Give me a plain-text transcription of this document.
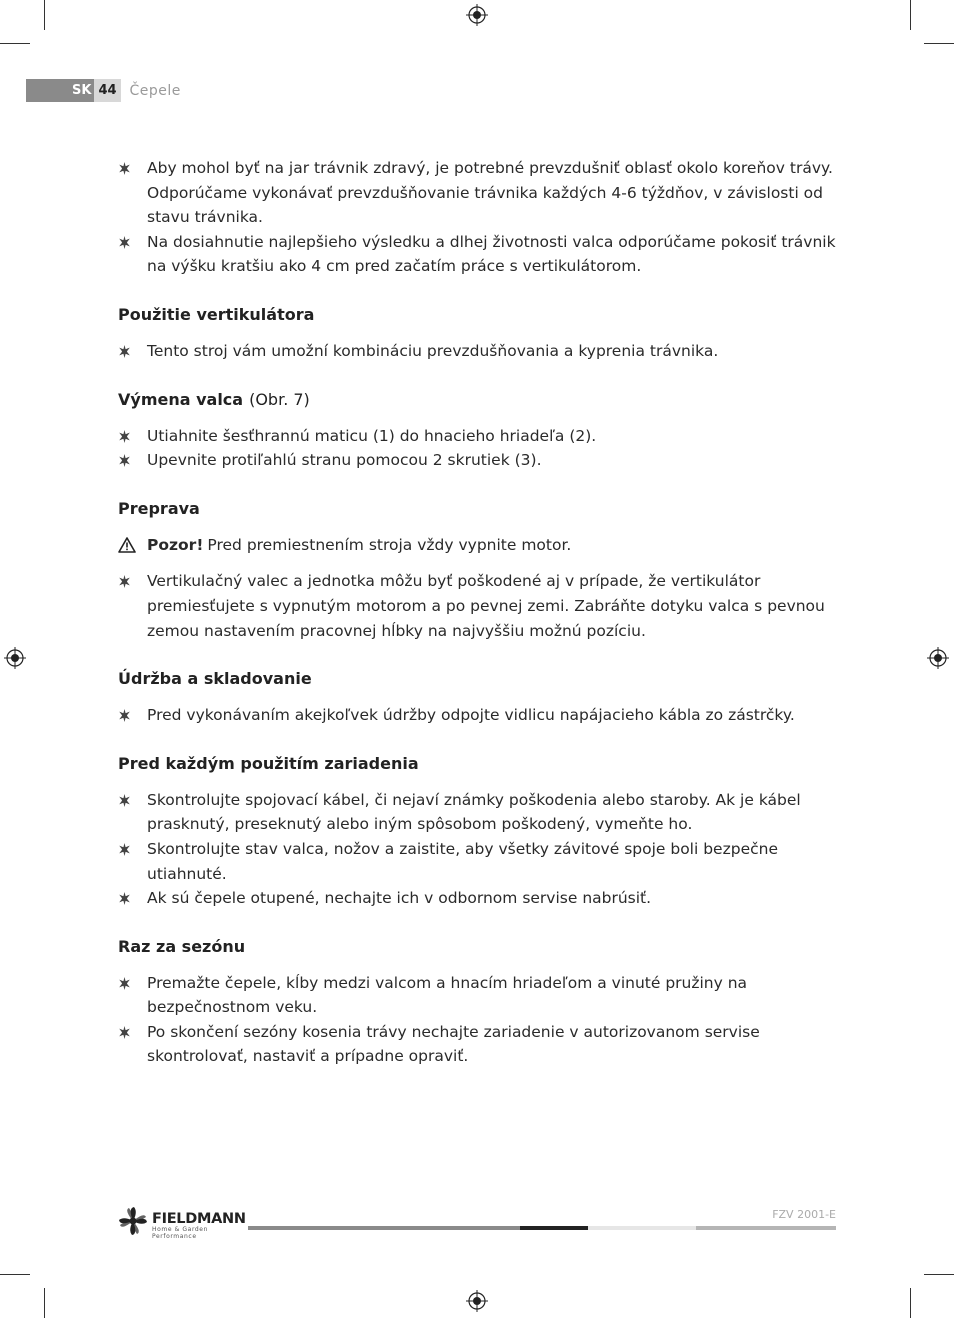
SK 44 Čepele
Aby mohol byť na jar trávnik zdravý, je potrebné prevzdušniť oblasť okolo koreňov trávy. Odporúčame vykonávať prevzdušňovanie trávnika každých 4-6 týždňov, v závislosti od stavu trávnika.
Na dosiahnutie najlepšieho výsledku a dlhej životnosti valca odporúčame pokosiť trávnik na výšku kratšiu ako 4 cm pred začatím práce s vertikulátorom.
Použitie vertikulátora
Tento stroj vám umožní kombináciu prevzdušňovania a kyprenia trávnika.
Výmena valca (Obr. 7)
Utiahnite šesťhrannú maticu (1) do hnacieho hriadeľa (2).
Upevnite protiľahlú stranu pomocou 2 skrutiek (3).
Preprava
Pozor! Pred premiestnením stroja vždy vypnite motor.
Vertikulačný valec a jednotka môžu byť poškodené aj v prípade, že vertikulátor premiesťujete s vypnutým motorom a po pevnej zemi. Zabráňte dotyku valca s pevnou zemou nastavením pracovnej hĺbky na najvyššiu možnú pozíciu.
Údržba a skladovanie
Pred vykonávaním akejkoľvek údržby odpojte vidlicu napájacieho kábla zo zástrčky.
Pred každým použitím zariadenia
Skontrolujte spojovací kábel, či nejaví známky poškodenia alebo staroby. Ak je kábel prasknutý, preseknutý alebo iným spôsobom poškodený, vymeňte ho.
Skontrolujte stav valca, nožov a zaistite, aby všetky závitové spoje boli bezpečne utiahnuté.
Ak sú čepele otupené, nechajte ich v odbornom servise nabrúsiť.
Raz za sezónu
Premažte čepele, kĺby medzi valcom a hnacím hriadeľom a vinuté pružiny na bezpečnostnom veku.
Po skončení sezóny kosenia trávy nechajte zariadenie v autorizovanom servise skontrolovať, nastaviť a prípadne opraviť.
FIELDMANN
Home & Garden Performance
FZV 2001-E
